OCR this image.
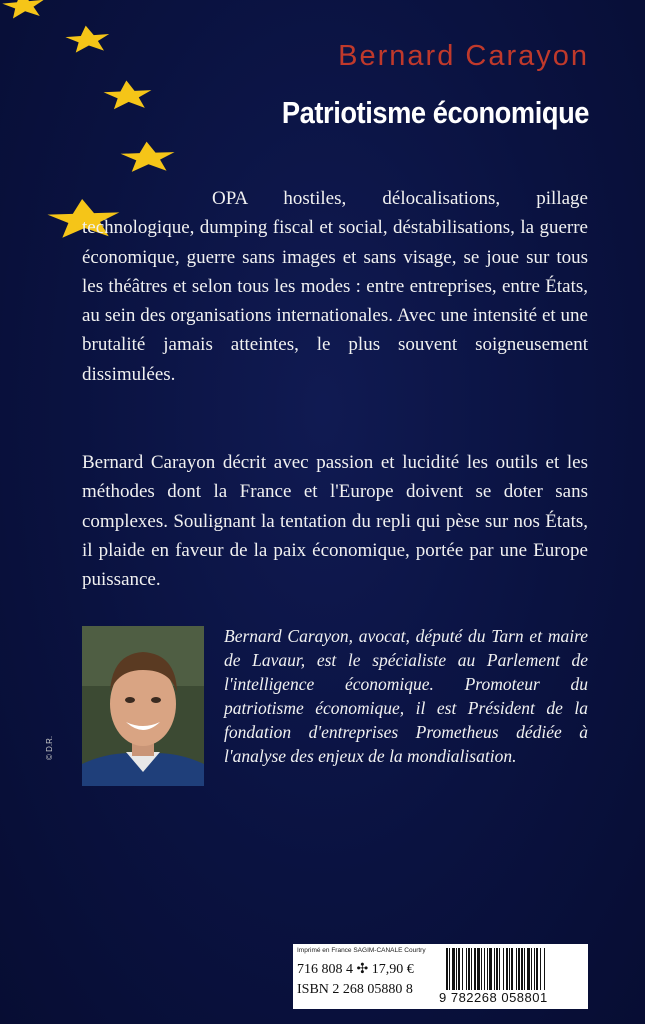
Bernard Carayon
Patriotisme économique

OPA hostiles, délocalisations, pillage technologique, dumping fiscal et social, déstabilisations, la guerre économique, guerre sans images et sans visage, se joue sur tous les théâtres et selon tous les modes : entre entreprises, entre États, au sein des organisations internationales. Avec une intensité et une brutalité jamais atteintes, le plus souvent soigneusement dissimulées.

Bernard Carayon décrit avec passion et lucidité les outils et les méthodes dont la France et l'Europe doivent se doter sans complexes. Soulignant la tentation du repli qui pèse sur nos États, il plaide en faveur de la paix économique, portée par une Europe puissance.

© D.R.

Bernard Carayon, avocat, député du Tarn et maire de Lavaur, est le spécialiste au Parlement de l'intelligence économique. Promoteur du patriotisme économique, il est Président de la fondation d'entreprises Prometheus dédiée à l'analyse des enjeux de la mondialisation.

Imprimé en France SAGIM-CANALE Courtry

716 808 4 ✣ 17,90 €

ISBN 2 268 05880 8

9 782268 058801
